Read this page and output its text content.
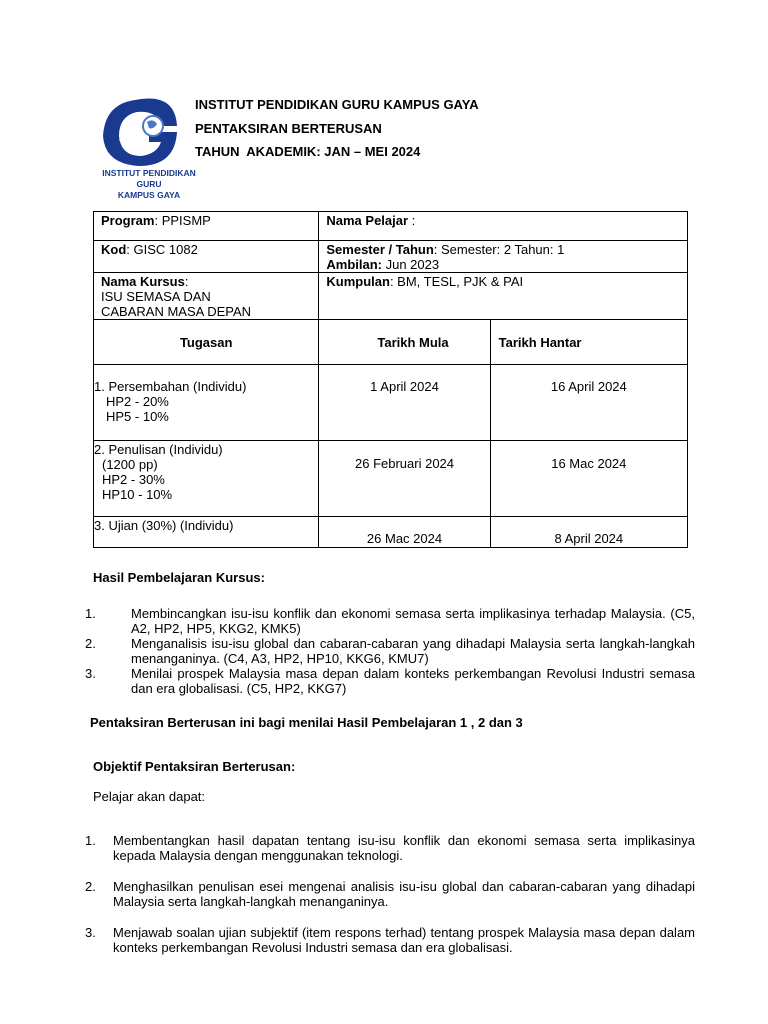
IPG
INSTITUT PENDIDIKAN GURU
KAMPUS GAYA
INSTITUT PENDIDIKAN GURU KAMPUS GAYA
PENTAKSIRAN BERTERUSAN
TAHUN  AKADEMIK: JAN – MEI 2024
Program: PPISMP	Nama Pelajar :	
Kod: GISC 1082	Semester / Tahun: Semester: 2 Tahun: 1
Ambilan: Jun 2023	

Nama Kursus:
ISU SEMASA DAN
CABARAN MASA DEPAN	Kumpulan: BM, TESL, PJK & PAI	
Tugasan	Tarikh Mula	Tarikh Hantar

1. Persembahan (Individu)
HP2 - 20%
HP5 - 10%	1 April 2024	16 April 2024

2. Penulisan (Individu)
(1200 pp)
HP2 - 30%
HP10 - 10%	26 Februari 2024	16 Mac 2024

3. Ujian (30%) (Individu)	26 Mac 2024	8 April 2024
Hasil Pembelajaran Kursus:
1.	Membincangkan isu-isu konflik dan ekonomi semasa serta implikasinya terhadap Malaysia. (C5, A2, HP2, HP5, KKG2, KMK5)
2.	Menganalisis isu-isu global dan cabaran-cabaran yang dihadapi Malaysia serta langkah-langkah menanganinya. (C4, A3, HP2, HP10, KKG6, KMU7)
3.	Menilai prospek Malaysia masa depan dalam konteks perkembangan Revolusi Industri semasa dan era globalisasi. (C5, HP2, KKG7)
Pentaksiran Berterusan ini bagi menilai Hasil Pembelajaran 1 , 2 dan 3
Objektif Pentaksiran Berterusan:
Pelajar akan dapat:
1. Membentangkan hasil dapatan tentang isu-isu konflik dan ekonomi semasa serta implikasinya kepada Malaysia dengan menggunakan teknologi.
2. Menghasilkan penulisan esei mengenai analisis isu-isu global dan cabaran-cabaran yang dihadapi Malaysia serta langkah-langkah menanganinya.
3. Menjawab soalan ujian subjektif (item respons terhad) tentang prospek Malaysia masa depan dalam konteks perkembangan Revolusi Industri semasa dan era globalisasi.
